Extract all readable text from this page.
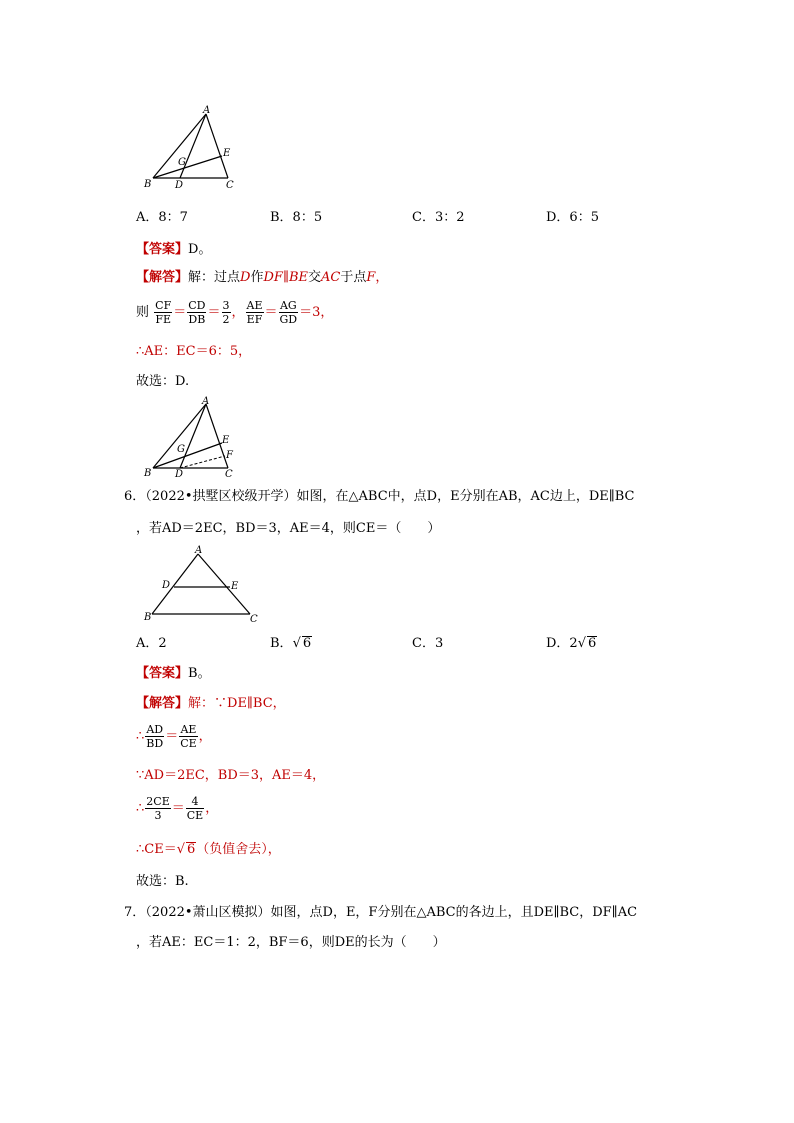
A
B	C
D
E
G
A．8：7	B．8：5	C．3：2	D．6：5
【答案】D。
【解答】解：过点D作DF∥BE交AC于点F，
则 $\frac{CF}{FE} = \frac{CD}{DB} = \frac{3}{2}$ ， $\frac{AE}{EF} = \frac{AG}{GD} =3$，
∴AE：EC＝6：5，
故选：D.
A
B	C
D
E
F
G
6．（2022•拱墅区校级开学）如图，在△ABC中，点D，E分别在AB，AC边上，DE∥BC
，若AD＝2EC，BD＝3，AE＝4，则CE＝（　　）
A
B	C
D	E
A．2	B．√ 6	C．3	D．2√ 6
【答案】B。
【解答】解：∵DE∥BC，
∴ $\frac{AD}{BD} = \frac{AE}{CE}$ ，
∵AD＝2EC，BD＝3，AE＝4，
∴ $\frac{2CE}{3} = \frac{4}{CE}$ ，
∴CE＝√ 6（负值舍去），
故选：B.
7．（2022•萧山区模拟）如图，点D，E，F分别在△ABC的各边上，且DE∥BC，DF∥AC
，若AE：EC＝1：2，BF＝6，则DE的长为（　　）
